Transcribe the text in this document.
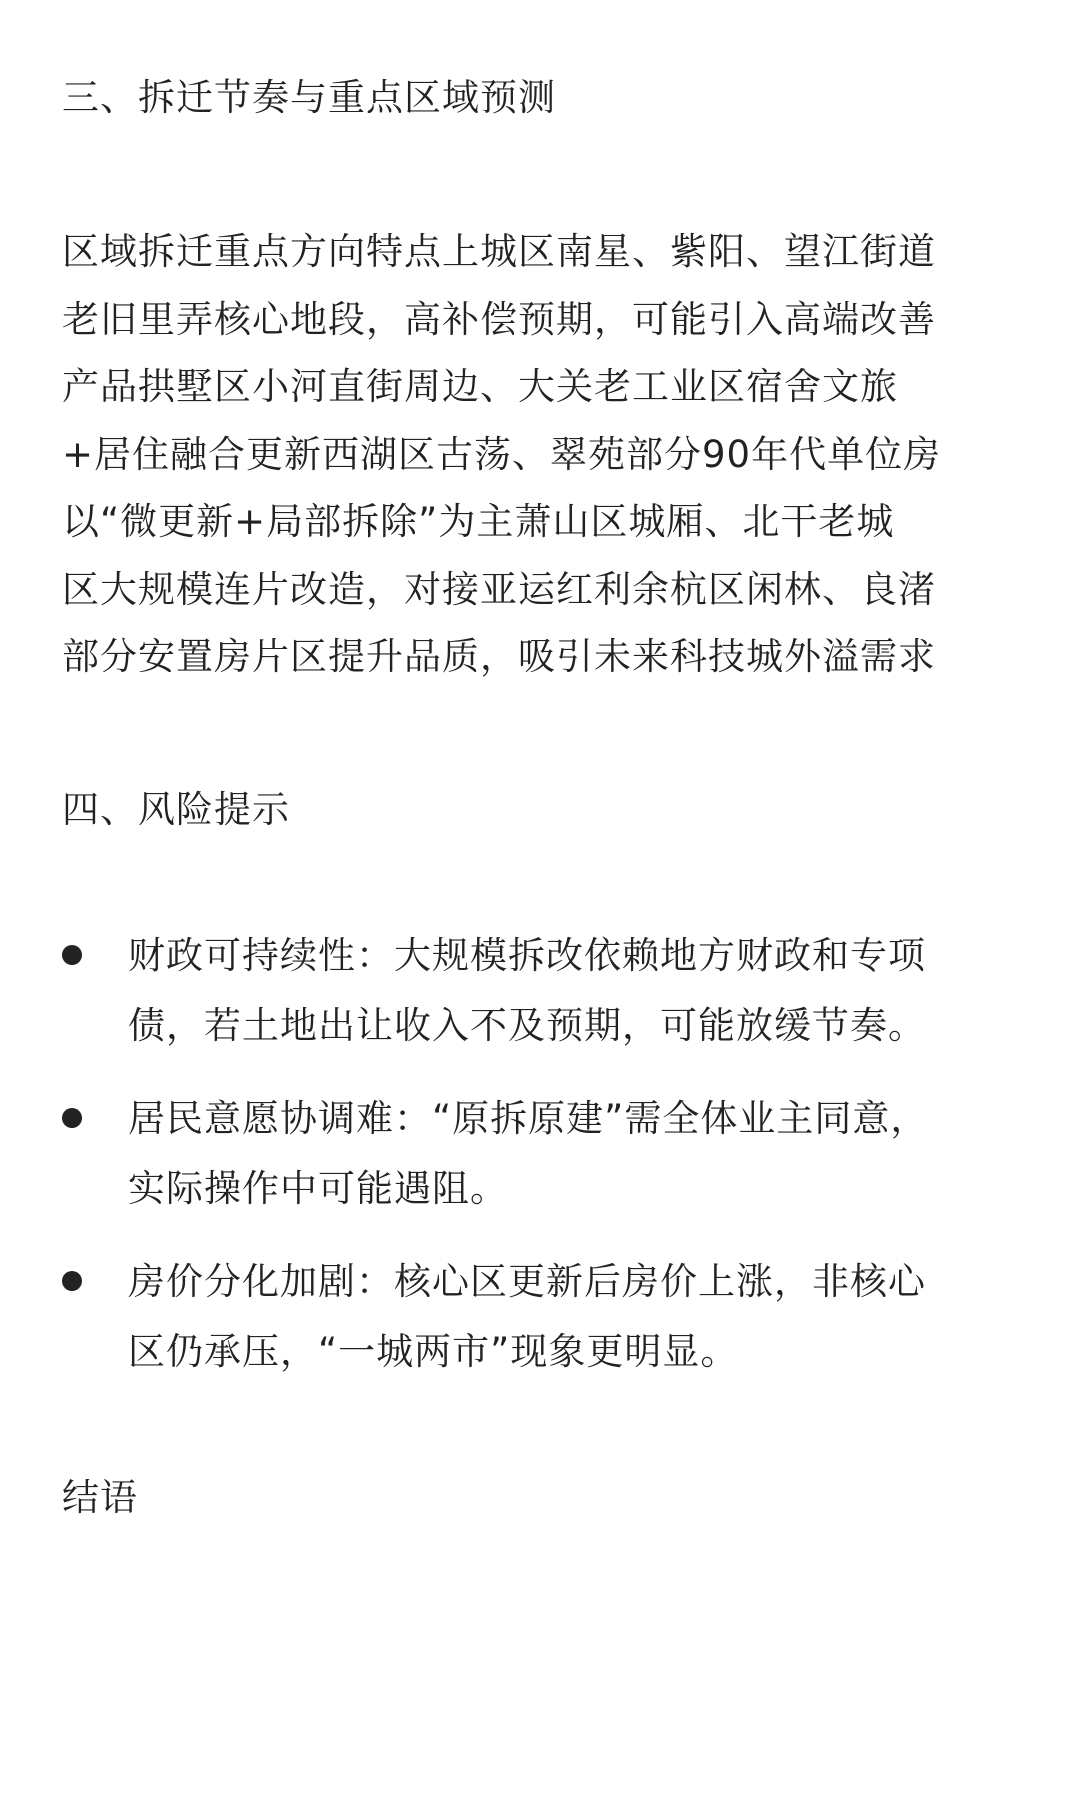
三、拆迁节奏与重点区域预测
区域拆迁重点方向特点上城区南星、紫阳、望江街道
老旧里弄核心地段，高补偿预期，可能引入高端改善
产品拱墅区小河直街周边、大关老工业区宿舍文旅
+居住融合更新西湖区古荡、翠苑部分90年代单位房
以“微更新+局部拆除”为主萧山区城厢、北干老城
区大规模连片改造，对接亚运红利余杭区闲林、良渚
部分安置房片区提升品质，吸引未来科技城外溢需求
四、风险提示
财政可持续性：大规模拆改依赖地方财政和专项
债，若土地出让收入不及预期，可能放缓节奏。
居民意愿协调难：“原拆原建”需全体业主同意，
实际操作中可能遇阻。
房价分化加剧：核心区更新后房价上涨，非核心
区仍承压，“一城两市”现象更明显。
结语
